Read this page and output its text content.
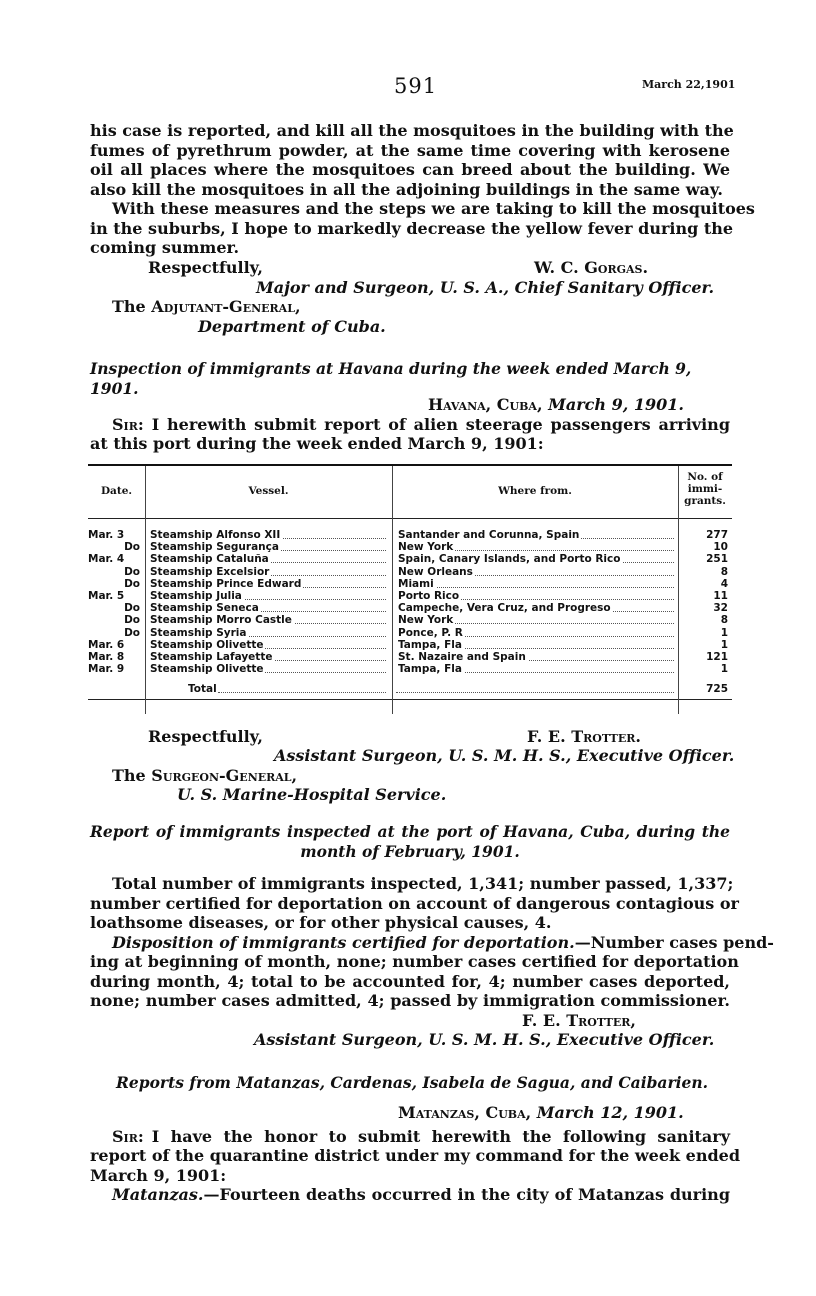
591	March 22,1901
his case is reported, and kill all the mosquitoes in the building with the
fumes of pyrethrum powder, at the same time covering with kerosene
oil all places where the mosquitoes can breed about the building. We
also kill the mosquitoes in all the adjoining buildings in the same way.
With these measures and the steps we are taking to kill the mosquitoes
in the suburbs, I hope to markedly decrease the yellow fever during the
coming summer.
Respectfully,	W. C. Gorgas.
Major and Surgeon, U. S. A., Chief Sanitary Officer.
The Adjutant-General,
Department of Cuba.
Inspection of immigrants at Havana during the week ended March 9, 1901.
Havana, Cuba, March 9, 1901.
Sir: I herewith submit report of alien steerage passengers arriving
at this port during the week ended March 9, 1901:
Date.	Vessel.	Where from.
No. of
immi-
grants.
Mar. 3	Steamship Alfonso XII	Santander and Corunna, Spain	277
Do Steamship Segurança	New York	10
Mar. 4	Steamship Cataluña	Spain, Canary Islands, and Porto Rico	251
Do Steamship Excelsior	New Orleans	8
Do Steamship Prince Edward	Miami	4
Mar. 5	Steamship Julia	Porto Rico	11
Do Steamship Seneca	Campeche, Vera Cruz, and Progreso	32
Do Steamship Morro Castle	New York	8
Do Steamship Syria	Ponce, P. R	1
Mar. 6	Steamship Olivette	Tampa, Fla	1
Mar. 8	Steamship Lafayette	St. Nazaire and Spain	121
Mar. 9	Steamship Olivette	Tampa, Fla	1
Total	725
Respectfully,	F. E. Trotter.
Assistant Surgeon, U. S. M. H. S., Executive Officer.
The Surgeon-General,
U. S. Marine-Hospital Service.
Report of immigrants inspected at the port of Havana, Cuba, during the
month of February, 1901.
Total number of immigrants inspected, 1,341; number passed, 1,337;
number certified for deportation on account of dangerous contagious or
loathsome diseases, or for other physical causes, 4.
Disposition of immigrants certified for deportation. —Number cases pend-
ing at beginning of month, none; number cases certified for deportation
during month, 4; total to be accounted for, 4; number cases deported,
none; number cases admitted, 4; passed by immigration commissioner.
F. E. Trotter,
Assistant Surgeon, U. S. M. H. S., Executive Officer.
Reports from Matanzas, Cardenas, Isabela de Sagua, and Caibarien.
Matanzas, Cuba, March 12, 1901.
Sir: I have the honor to submit herewith the following sanitary
report of the quarantine district under my command for the week ended
March 9, 1901:
Matanzas. —Fourteen deaths occurred in the city of Matanzas during
